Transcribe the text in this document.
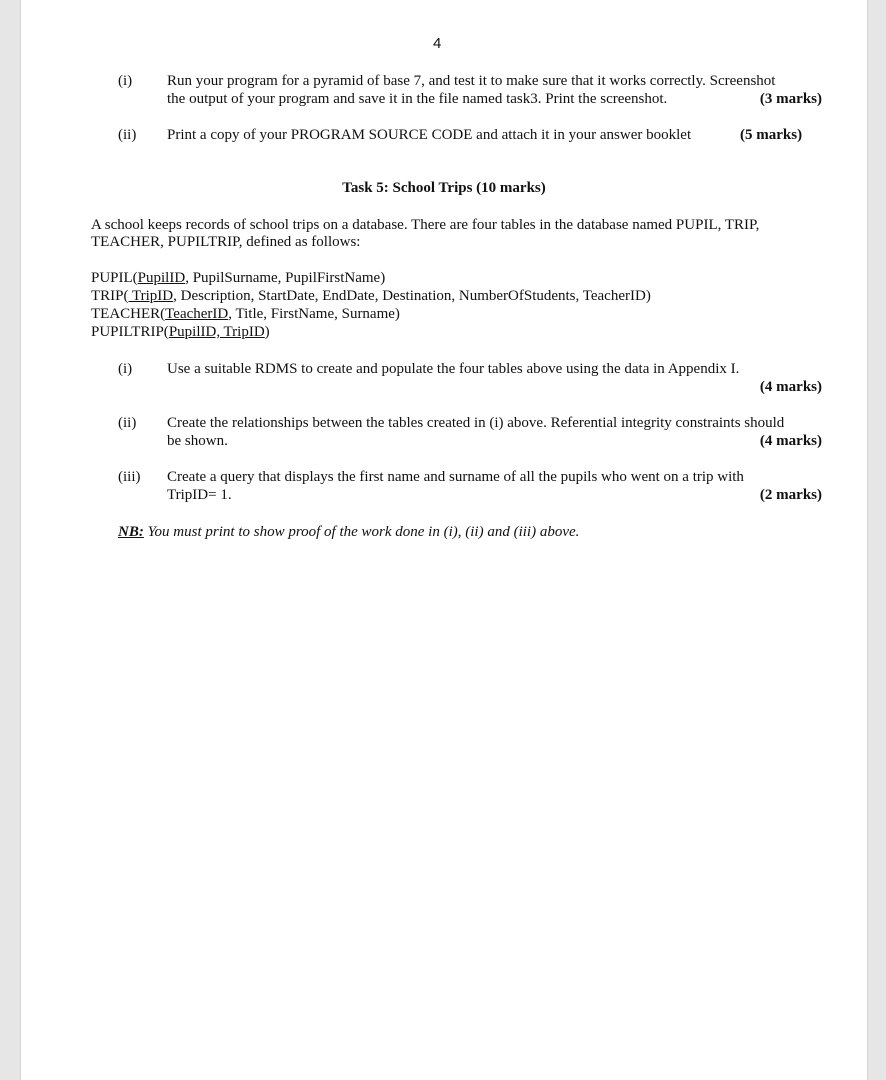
4
(i) Run your program for a pyramid of base 7, and test it to make sure that it works correctly. Screenshot
the output of your program and save it in the file named task3. Print the screenshot.	(3 marks)
(ii) Print a copy of your PROGRAM SOURCE CODE and attach it in your answer booklet	(5 marks)
Task 5: School Trips (10 marks)
A school keeps records of school trips on a database. There are four tables in the database named PUPIL, TRIP,
TEACHER, PUPILTRIP, defined as follows:
PUPIL(PupilID, PupilSurname, PupilFirstName)
TRIP( TripID, Description, StartDate, EndDate, Destination, NumberOfStudents, TeacherID)
TEACHER(TeacherID, Title, FirstName, Surname)
PUPILTRIP(PupilID, TripID)
(i) Use a suitable RDMS to create and populate the four tables above using the data in Appendix I.
(4 marks)
(ii) Create the relationships between the tables created in (i) above. Referential integrity constraints should
be shown.	(4 marks)
(iii) Create a query that displays the first name and surname of all the pupils who went on a trip with
TripID= 1.	(2 marks)
NB: You must print to show proof of the work done in (i), (ii) and (iii) above.
